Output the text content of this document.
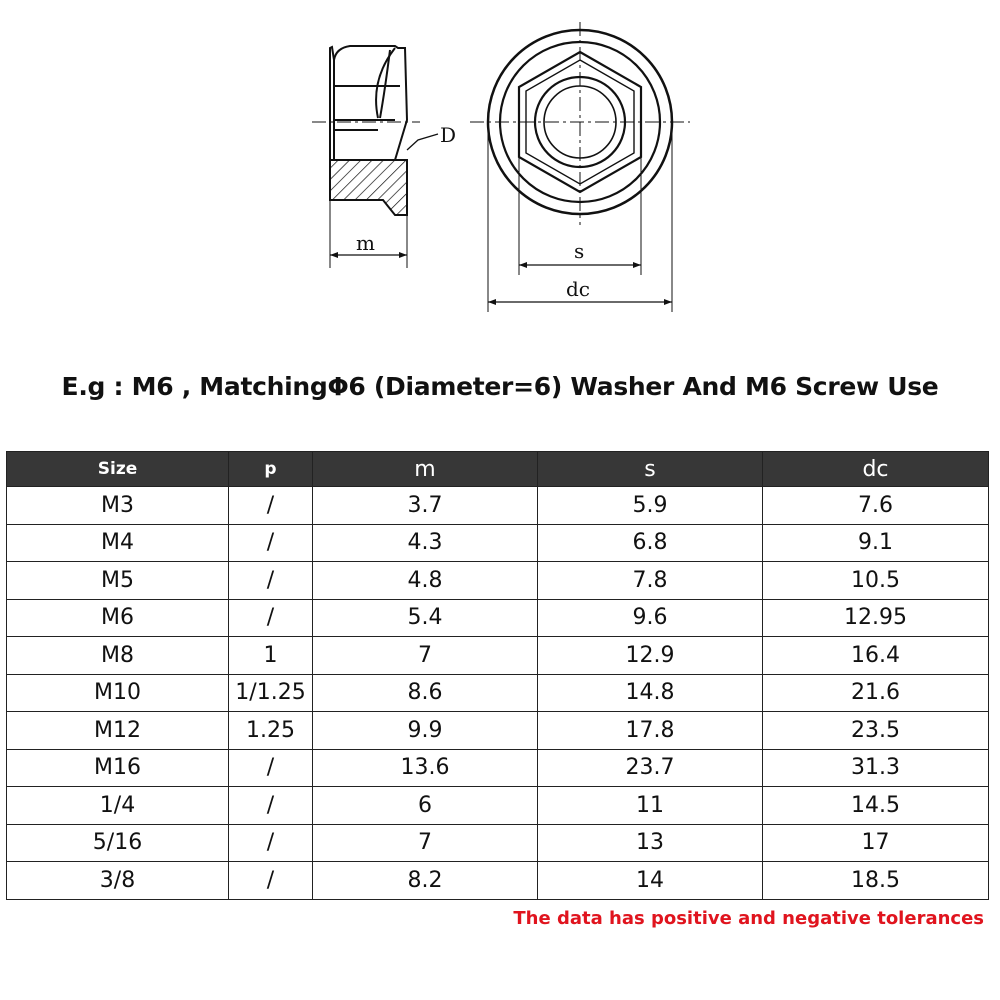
D
m	s
dc
E.g : M6 , MatchingΦ6 (Diameter=6) Washer And M6 Screw Use
Size	p	m	s	dc
M3	/	3.7	5.9	7.6
M4	/	4.3	6.8	9.1
M5	/	4.8	7.8	10.5
M6	/	5.4	9.6	12.95
M8	1	7	12.9	16.4
M10	1/1.25	8.6	14.8	21.6
M12	1.25	9.9	17.8	23.5
M16	/	13.6	23.7	31.3
1/4	/	6	11	14.5
5/16	/	7	13	17
3/8	/	8.2	14	18.5
The data has positive and negative tolerances
